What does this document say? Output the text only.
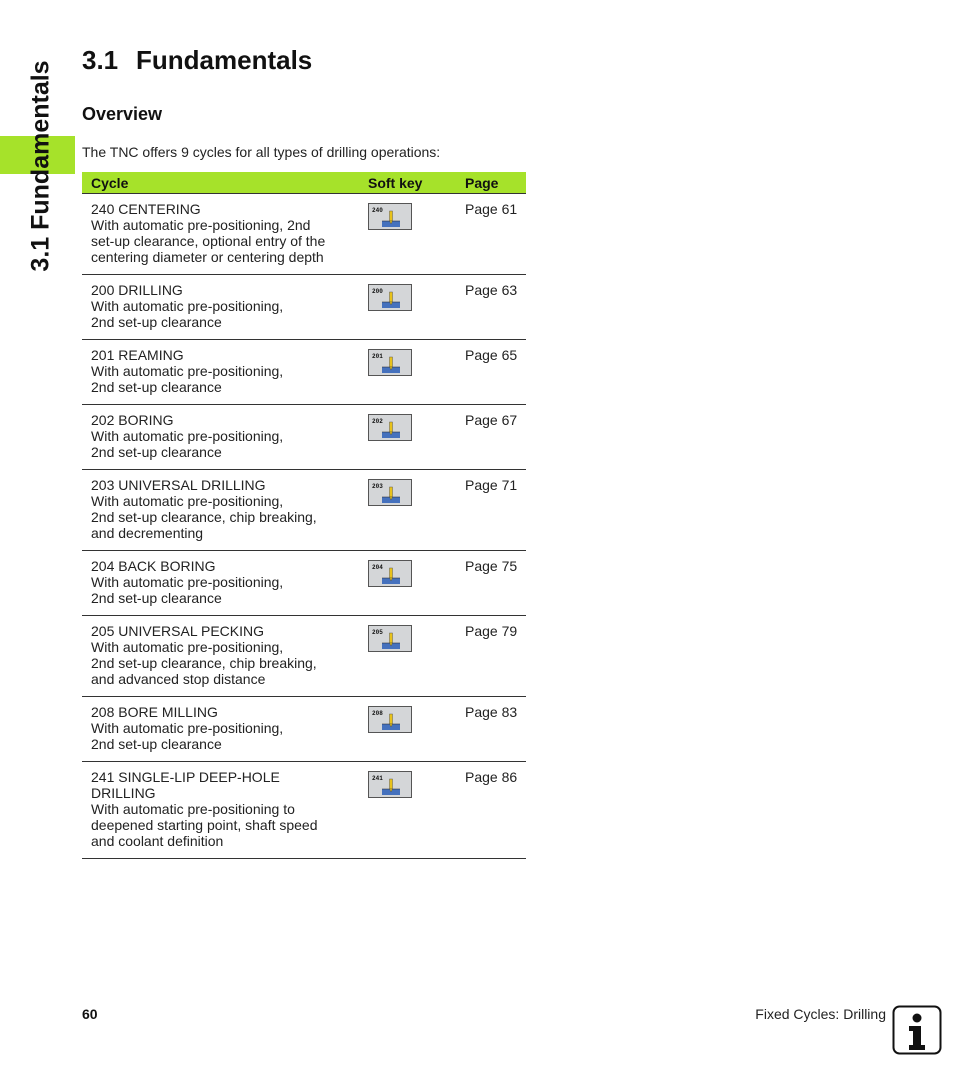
3.1 Fundamentals
3.1 Fundamentals
Overview

The TNC offers 9 cycles for all types of drilling operations:

Cycle	Soft key	Page

240 CENTERING
With automatic pre-positioning, 2nd
set-up clearance, optional entry of the
centering diameter or centering depth	240	Page 61

200 DRILLING
With automatic pre-positioning,
2nd set-up clearance	200	Page 63

201 REAMING
With automatic pre-positioning,
2nd set-up clearance	201	Page 65

202 BORING
With automatic pre-positioning,
2nd set-up clearance	202	Page 67

203 UNIVERSAL DRILLING
With automatic pre-positioning,
2nd set-up clearance, chip breaking,
and decrementing	203	Page 71

204 BACK BORING
With automatic pre-positioning,
2nd set-up clearance	204	Page 75

205 UNIVERSAL PECKING
With automatic pre-positioning,
2nd set-up clearance, chip breaking,
and advanced stop distance	205	Page 79

208 BORE MILLING
With automatic pre-positioning,
2nd set-up clearance	208	Page 83

241 SINGLE-LIP DEEP-HOLE
DRILLING
With automatic pre-positioning to
deepened starting point, shaft speed
and coolant definition	241	Page 86
60	Fixed Cycles: Drilling
